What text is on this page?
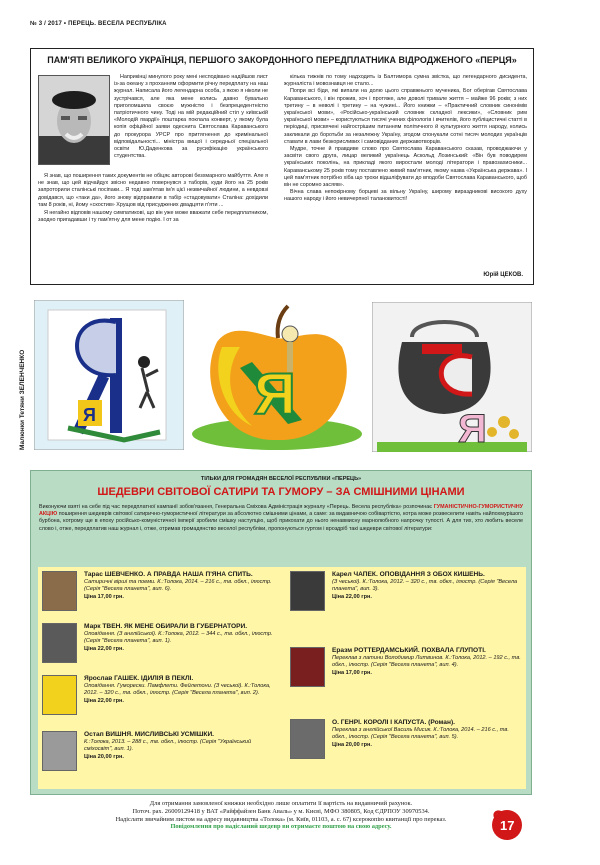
№ 3 / 2017 • ПЕРЕЦЬ. ВЕСЕЛА РЕСПУБЛІКА
ПАМ'ЯТІ ВЕЛИКОГО УКРАЇНЦЯ, ПЕРШОГО ЗАКОРДОННОГО ПЕРЕДПЛАТНИКА ВІДРОДЖЕНОГО «ПЕРЦЯ»
Наприкінці минулого року мені несподівано надійшов лист із-за океану з проханням оформити річну передплату на наш журнал. Написала його легендарна особа, з якою я ніколи не зустрічався, але яка мене колись давно бувально приголомшила своєю мужністю і безпрецедентністю патріотичного чину. Тоді на мій редакційний стіл у київській «Молодій гвардії» поштарка поклала конверт, у якому була копія офіційної заяви одеснита Святослава Караванського до прокурора УРСР про притягнення до кримінальної відповідальності... міністра вищої і середньої спеціальної освіти Ю.Даденкова за русифікацію українського студентства.

Я знав, що поширення таких документів не обіцяє авторові безхмарного майбуття. Але я не знав, що цей відчайдух звісно недавно повернувся з таборів, куди його на 25 років запроторили сталінські посіпаки... Я тоді зам'ятав ім'я цієї незвичайної людини, а невдовзі довідався, що «таки да», його знову відправили в табір «стадовувати» Сталіна: дохідили там 8 років, ні, йому «скостив» Хрущов від присуджених двадцяти п'яти ...

Я негайно відповів нашому симпатикові, що він уже може вважати себе передплатником, заодно пригадавши і ту пам'ятну для мене подію. І от за

кілька тижнів по тому надходить із Балтимора сумна звістка, що легендарного дисидента, журналіста і мовознавця не стало...

Попри всі біди, які випали на долю цього справжнього мученика, Бог оберігав Святослава Караванського, і він прожив, хоч і протяже, але доволі тривале життя – майже 96 років; з них третину – в неволі і третину – на чужині... Його книжки – «Практичний словник синонімів української мови», «Російсько-український словник складної лексики», «Словник рим української мови» – користуються тисячі учених філологів і вчителів, його публіцистичні статті в періодиці, присвячені найгострішим питанням політичного й культурного життя народу, колись закликали до боротьби за незалежну Україну, згодом спонукали сотні тисяч молодих українців ставати в лави безкорисливих і самовідданих державотворців.

Мудре, точне й правдиве слово про Святослава Караванського сказав, проводжаючи у засвіти свого друга, лицар великий українець Аскольд Лозинський: «Він був поводирем українських поколінь, на прикладі якого виростали молоді літератори і правозахисники... Караванському 25 років тому поставлено живий пам'ятник, якому назва «Українська держава». І цей пам'ятник потрібно хіба що трохи відшліфувати до вподоби Святослава Караванського, щоб він не соромно засяяв».

Вічна слава непокірному борцеві за вільну Україну, широму вираздникові високого духу нашого народу і його невичерпної талановитості!

Юрій ЦЕКОВ.
Малюнки Тетяни ЗЕЛЕНЧЕНКО	Я	Я
Я
ТІЛЬКИ ДЛЯ ГРОМАДЯН ВЕСЕЛОЇ РЕСПУБЛІКИ «ПЕРЕЦЬ»
ШЕДЕВРИ СВІТОВОЇ САТИРИ ТА ГУМОРУ – ЗА СМІШНИМИ ЦІНАМИ
Виконуючи взяті на себе під час передплатної кампанії зобов'язання, Генеральна Сміхова Адміністрація журналу «Перець. Весела республіка» розпочинає ГУМАНІСТИЧНО-ГУМОРИСТИЧНУ АКЦІЮ поширення шедеврів світової сатирично-гумористичної літератури за абсолютно смішними цінами, а саме: за видавничою собівартістю, котра може розвеселити навіть найпохмурішого бурбона, котрому ще в епоху російсько-комуністичної імперії зробили смішку наступцію, щоб прикохати до нього ненавмисну марнолюбного напрочку тупості. А для тих, хто любить веселе слово і, отже, передплатив наш журнал і, отже, отримав громадянство веселої республіки, пропонуються гуртом і вроздріб такі шедеври світової літератури:
Тарас ШЕВЧЕНКО. А ПРАВДА НАША П'ЯНА СПИТЬ.
Сатиричні вірші та поеми. К.:Толока, 2014. – 216 с., тв. обкл., ілюстр. (Серія "Весела планета", вип. 6).
Ціна 17,00 грн.
Марк ТВЕН. ЯК МЕНЕ ОБИРАЛИ В ГУБЕРНАТОРИ.
Оповідання. (З англійської). К.:Толока, 2012. – 344 с., тв. обкл., ілюстр. (Серія "Весела планета", вип. 1).
Ціна 22,00 грн.
Ярослав ГАШЕК. ІДИЛІЯ В ПЕКЛІ.
Оповідання. Гуморески. Памфлети. Фейлетони. (З чеської). К.:Толока, 2012. – 320 с., тв. обкл., ілюстр. (Серія "Весела планета", вип. 2).
Ціна 22,00 грн.
Остап ВИШНЯ. МИСЛИВСЬКІ УСМІШКИ.
К.:Толока, 2013. – 288 с., тв. обкл., ілюстр. (Серія "Український сміхосвіт", вип. 1).
Ціна 20,00 грн.
Карел ЧАПЕК. ОПОВІДАННЯ З ОБОХ КИШЕНЬ.
(З чеської). К.:Толока, 2012. – 320 с., тв. обкл., ілюстр. (Серія "Весела планета", вип. 3).
Ціна 22,00 грн.
Еразм РОТТЕРДАМСЬКИЙ. ПОХВАЛА ГЛУПОТІ.
Переклав з латини Володимир Литвинов. К.:Толока, 2012. – 192 с., тв. обкл., ілюстр. (Серія "Весела планета", вип. 4).
Ціна 17,00 грн.
О. ГЕНРІ. КОРОЛІ І КАПУСТА. (Роман).
Переклав з англійської Василь Мисик. К.:Толока, 2014. – 216 с., тв. обкл., ілюстр. (Серія "Весела планета", вип. 5).
Ціна 20,00 грн.
Для отримання замовленої книжки необхідно лише оплатити її вартість на видавничий рахунок.
Поточ. рах. 26009129418 у ВАТ «Райффайзен Банк Аваль» у м. Києві, МФО 380805, Код ЄДРПОУ 30970534.
Надіслати звичайним листом на адресу видавництва «Толока» (м. Київ, 01103, а. с. 67) ксерокопію квитанції про переказ.
Повідомлення про надісланий шедевр ви отримаєте поштою на свою адресу.	17
